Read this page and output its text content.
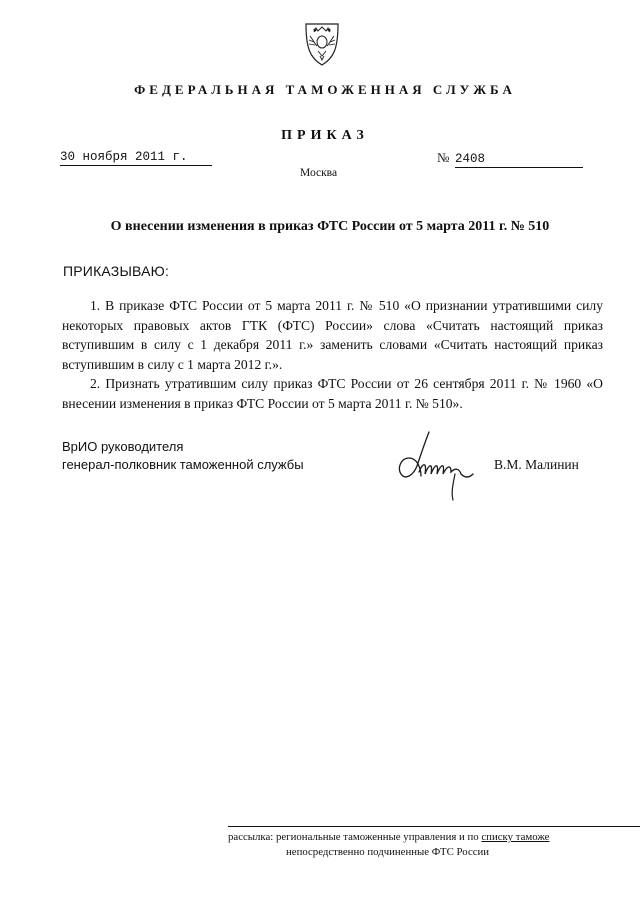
ФЕДЕРАЛЬНАЯ ТАМОЖЕННАЯ СЛУЖБА
ПРИКАЗ
30 ноября 2011 г.	№ 2408
Москва
О внесении изменения в приказ ФТС России от 5 марта 2011 г. № 510
ПРИКАЗЫВАЮ:

1. В приказе ФТС России от 5 марта 2011 г. № 510 «О признании утратившими силу некоторых правовых актов ГТК (ФТС) России» слова «Считать настоящий приказ вступившим в силу с 1 декабря 2011 г.» заменить словами «Считать настоящий приказ вступившим в силу с 1 марта 2012 г.».

2. Признать утратившим силу приказ ФТС России от 26 сентября 2011 г. № 1960 «О внесении изменения в приказ ФТС России от 5 марта 2011 г. № 510».

ВрИО руководителя
генерал-полковник таможенной службы	В.М. Малинин
рассылка: региональные таможенные управления и по списку таможе
непосредственно подчиненные ФТС России
